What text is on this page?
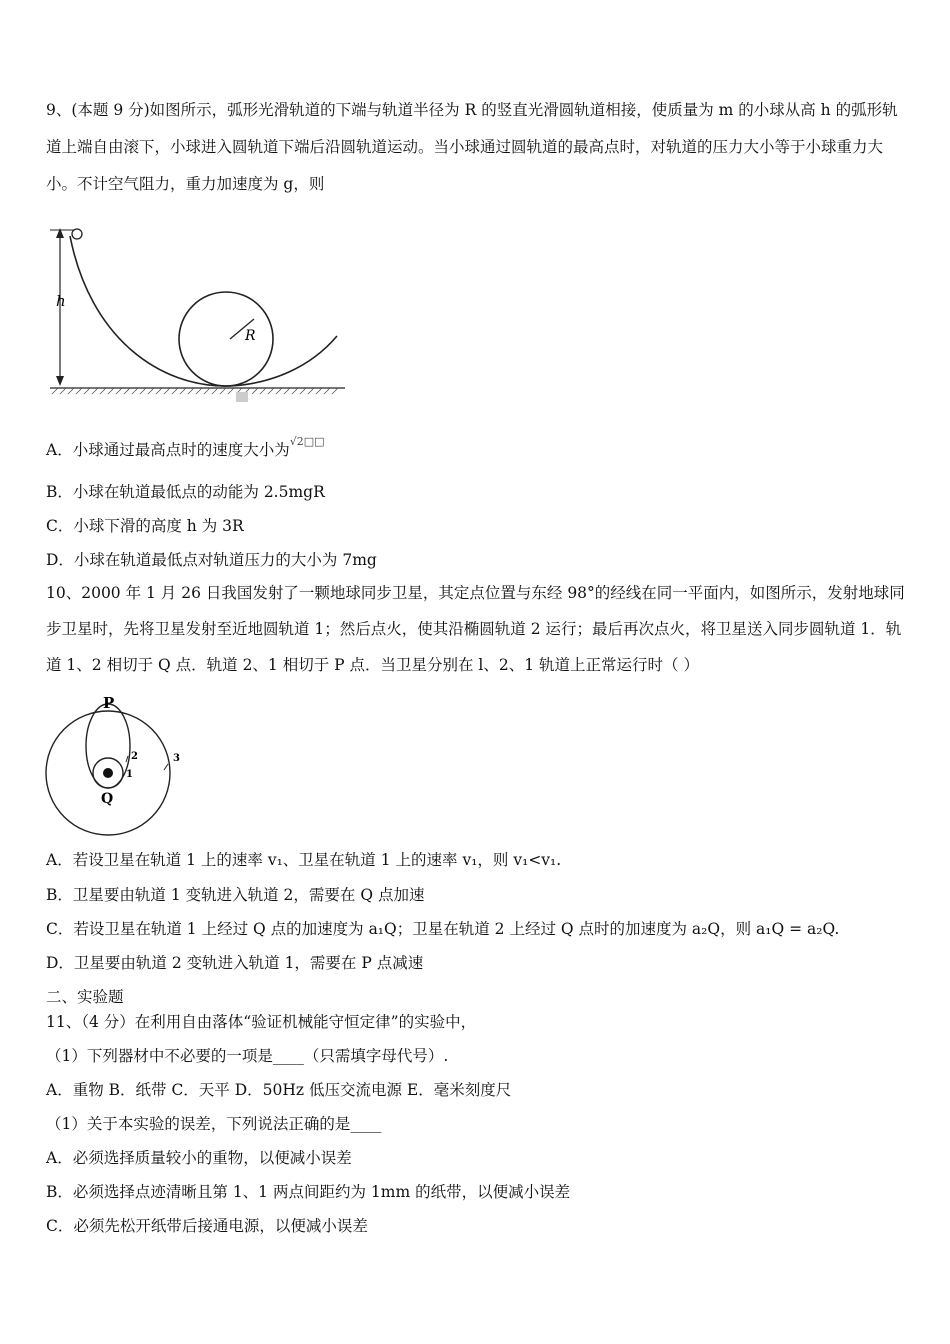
9、(本题 9 分)如图所示，弧形光滑轨道的下端与轨道半径为 R 的竖直光滑圆轨道相接，使质量为 m 的小球从高 h 的弧形轨道上端自由滚下，小球进入圆轨道下端后沿圆轨道运动。当小球通过圆轨道的最高点时，对轨道的压力大小等于小球重力大小。不计空气阻力，重力加速度为 g，则
h
R
A．小球通过最高点时的速度大小为$^{√2□□}$
B．小球在轨道最低点的动能为 2.5mgR
C．小球下滑的高度 h 为 3R
D．小球在轨道最低点对轨道压力的大小为 7mg
10、2000 年 1 月 26 日我国发射了一颗地球同步卫星，其定点位置与东经 98°的经线在同一平面内，如图所示，发射地球同步卫星时，先将卫星发射至近地圆轨道 1；然后点火，使其沿椭圆轨道 2 运行；最后再次点火，将卫星送入同步圆轨道 1．轨道 1、2 相切于 Q 点．轨道 2、1 相切于 P 点．当卫星分别在 l、2、1 轨道上正常运行时（ ）
P
Q
1
2	3
A．若设卫星在轨道 1 上的速率 v₁、卫星在轨道 1 上的速率 v₁，则 v₁<v₁.
B．卫星要由轨道 1 变轨进入轨道 2，需要在 Q 点加速
C．若设卫星在轨道 1 上经过 Q 点的加速度为 a₁Q；卫星在轨道 2 上经过 Q 点时的加速度为 a₂Q，则 a₁Q = a₂Q.
D．卫星要由轨道 2 变轨进入轨道 1，需要在 P 点减速
二、实验题
11、（4 分）在利用自由落体“验证机械能守恒定律”的实验中，
（1）下列器材中不必要的一项是____（只需填字母代号）.
A．重物 B．纸带 C．天平 D．50Hz 低压交流电源 E．毫米刻度尺
（1）关于本实验的误差，下列说法正确的是____
A．必须选择质量较小的重物，以便减小误差
B．必须选择点迹清晰且第 1、1 两点间距约为 1mm 的纸带，以便减小误差
C．必须先松开纸带后接通电源，以便减小误差
